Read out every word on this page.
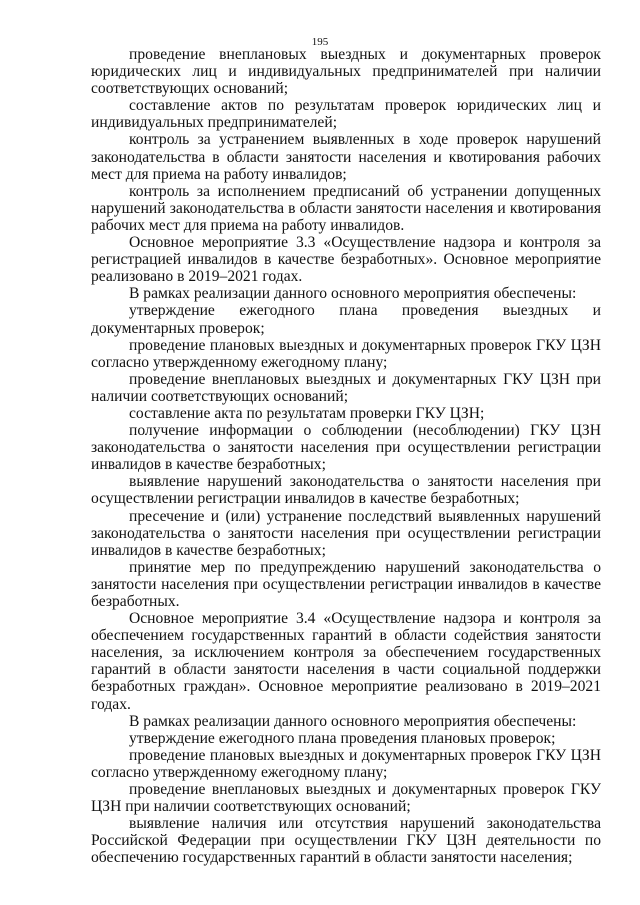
195

проведение внеплановых выездных и документарных проверок юридических лиц и индивидуальных предпринимателей при наличии соответствующих оснований;

составление актов по результатам проверок юридических лиц и индивидуальных предпринимателей;

контроль за устранением выявленных в ходе проверок нарушений законодательства в области занятости населения и квотирования рабочих мест для приема на работу инвалидов;

контроль за исполнением предписаний об устранении допущенных нарушений законодательства в области занятости населения и квотирования рабочих мест для приема на работу инвалидов.

Основное мероприятие 3.3 «Осуществление надзора и контроля за регистрацией инвалидов в качестве безработных». Основное мероприятие реализовано в 2019–2021 годах.

В рамках реализации данного основного мероприятия обеспечены:

утверждение ежегодного плана проведения выездных и документарных проверок;

проведение плановых выездных и документарных проверок ГКУ ЦЗН согласно утвержденному ежегодному плану;

проведение внеплановых выездных и документарных ГКУ ЦЗН при наличии соответствующих оснований;

составление акта по результатам проверки ГКУ ЦЗН;

получение информации о соблюдении (несоблюдении) ГКУ ЦЗН законодательства о занятости населения при осуществлении регистрации инвалидов в качестве безработных;

выявление нарушений законодательства о занятости населения при осуществлении регистрации инвалидов в качестве безработных;

пресечение и (или) устранение последствий выявленных нарушений законодательства о занятости населения при осуществлении регистрации инвалидов в качестве безработных;

принятие мер по предупреждению нарушений законодательства о занятости населения при осуществлении регистрации инвалидов в качестве безработных.

Основное мероприятие 3.4 «Осуществление надзора и контроля за обеспечением государственных гарантий в области содействия занятости населения, за исключением контроля за обеспечением государственных гарантий в области занятости населения в части социальной поддержки безработных граждан». Основное мероприятие реализовано в 2019–2021 годах.

В рамках реализации данного основного мероприятия обеспечены:

утверждение ежегодного плана проведения плановых проверок;

проведение плановых выездных и документарных проверок ГКУ ЦЗН согласно утвержденному ежегодному плану;

проведение внеплановых выездных и документарных проверок ГКУ ЦЗН при наличии соответствующих оснований;

выявление наличия или отсутствия нарушений законодательства Российской Федерации при осуществлении ГКУ ЦЗН деятельности по обеспечению государственных гарантий в области занятости населения;
